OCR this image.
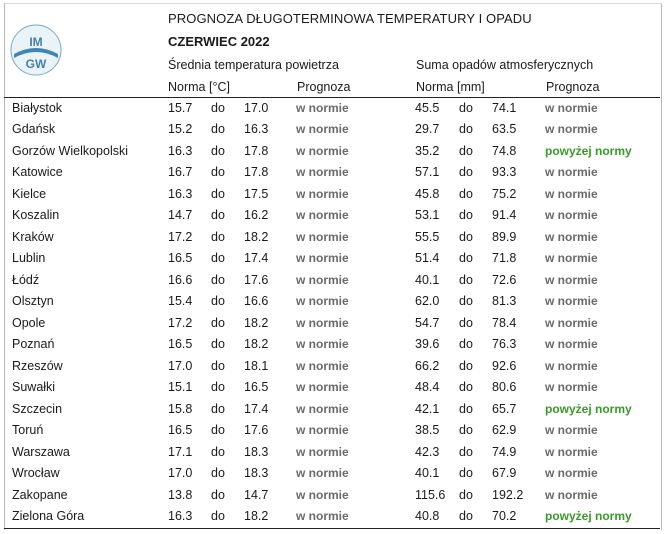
IM
GW
PROGNOZA DŁUGOTERMINOWA TEMPERATURY I OPADU
CZERWIEC 2022
Średnia temperatura powietrza
Norma [°C]	Prognoza
Suma opadów atmosferycznych
Norma [mm]	Prognoza
Białystok	15.7 do 17.0 w normie	45.5 do 74.1 w normie
Gdańsk	15.2 do 16.3 w normie	29.7 do 63.5 w normie
Gorzów Wielkopolski	16.3 do 17.8 w normie	35.2 do 74.8 powyżej normy
Katowice	16.7 do 17.8 w normie	57.1 do 93.3 w normie
Kielce	16.3 do 17.5 w normie	45.8 do 75.2 w normie
Koszalin	14.7 do 16.2 w normie	53.1 do 91.4 w normie
Kraków	17.2 do 18.2 w normie	55.5 do 89.9 w normie
Lublin	16.5 do 17.4 w normie	51.4 do 71.8 w normie
Łódź	16.6 do 17.6 w normie	40.1 do 72.6 w normie
Olsztyn	15.4 do 16.6 w normie	62.0 do 81.3 w normie
Opole	17.2 do 18.2 w normie	54.7 do 78.4 w normie
Poznań	16.5 do 18.2 w normie	39.6 do 76.3 w normie
Rzeszów	17.0 do 18.1 w normie	66.2 do 92.6 w normie
Suwałki	15.1 do 16.5 w normie	48.4 do 80.6 w normie
Szczecin	15.8 do 17.4 w normie	42.1 do 65.7 powyżej normy
Toruń	16.5 do 17.6 w normie	38.5 do 62.9 w normie
Warszawa	17.1 do 18.3 w normie	42.3 do 74.9 w normie
Wrocław	17.0 do 18.3 w normie	40.1 do 67.9 w normie
Zakopane	13.8 do 14.7 w normie	115.6 do 192.2 w normie
Zielona Góra	16.3 do 18.2 w normie	40.8 do 70.2 powyżej normy
